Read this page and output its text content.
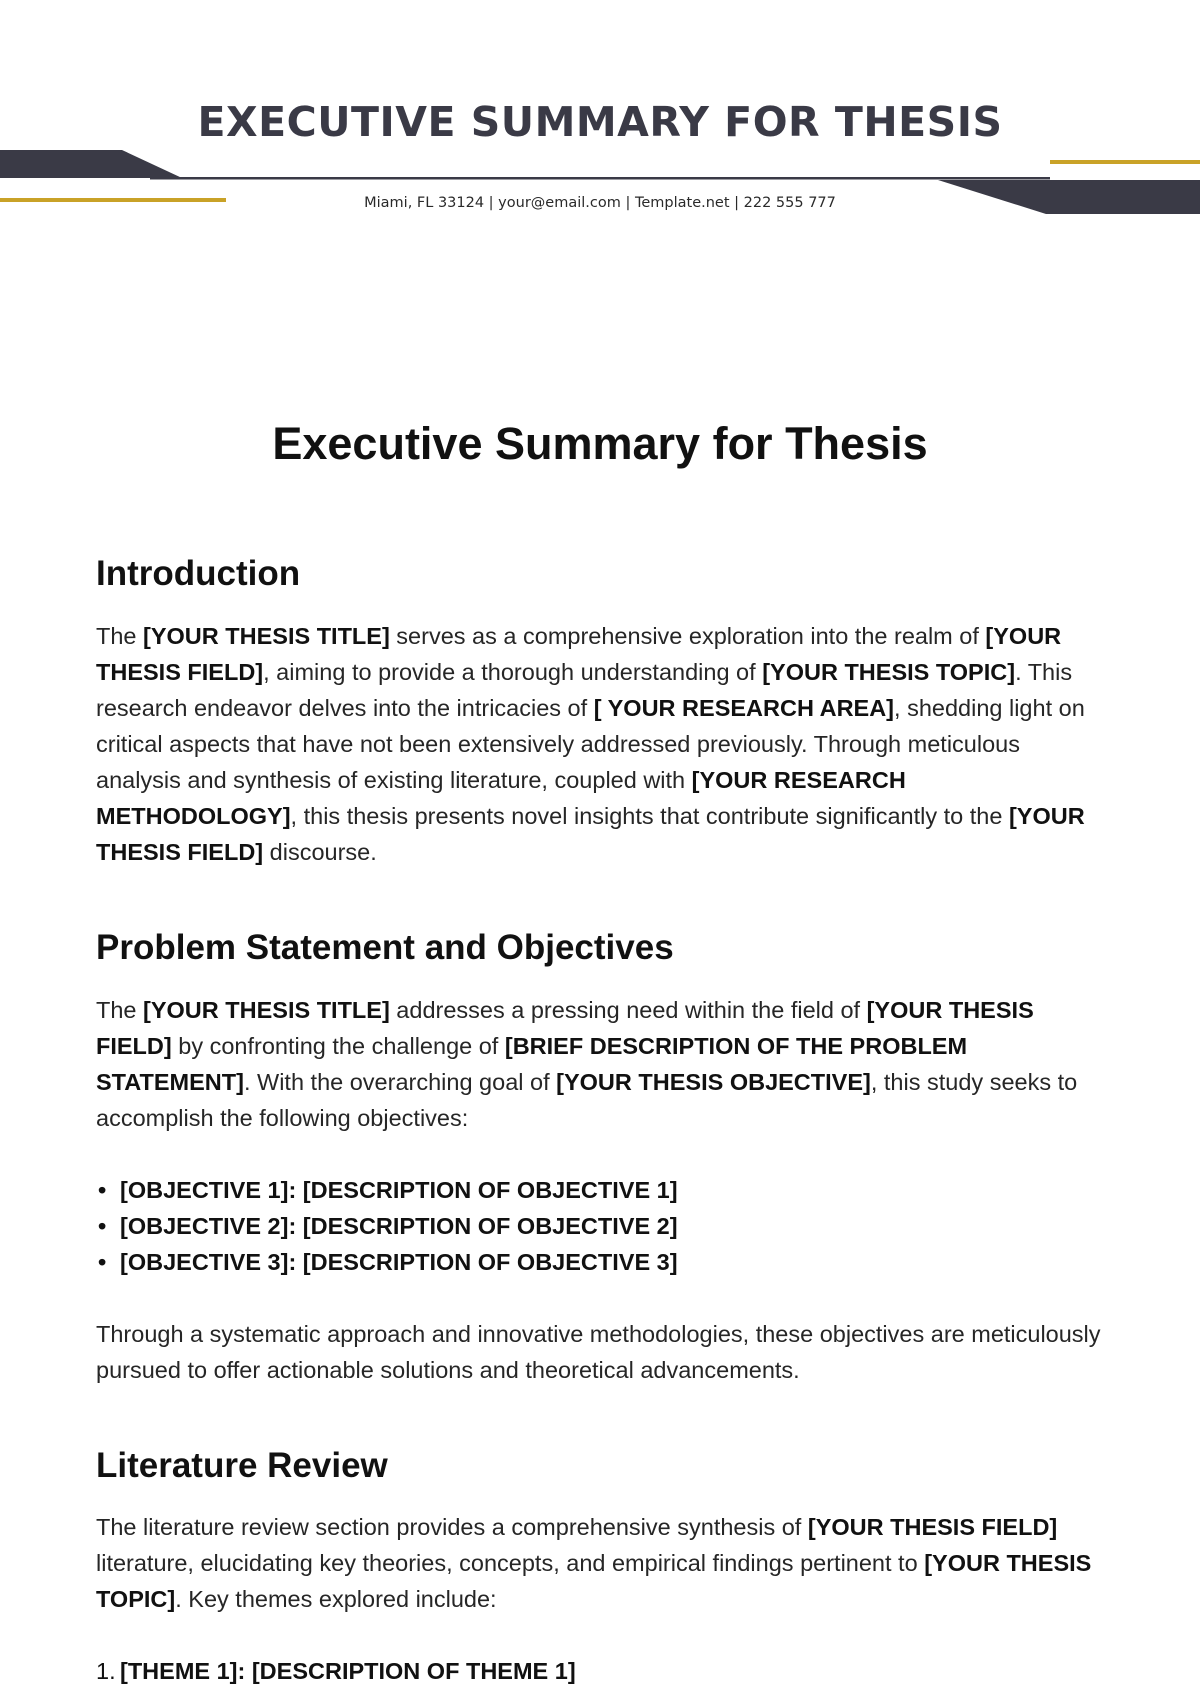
EXECUTIVE SUMMARY FOR THESIS
Miami, FL 33124 | your@email.com | Template.net | 222 555 777
Executive Summary for Thesis
Introduction

The [YOUR THESIS TITLE] serves as a comprehensive exploration into the realm of [YOUR THESIS FIELD], aiming to provide a thorough understanding of [YOUR THESIS TOPIC]. This research endeavor delves into the intricacies of [ YOUR RESEARCH AREA], shedding light on critical aspects that have not been extensively addressed previously. Through meticulous analysis and synthesis of existing literature, coupled with [YOUR RESEARCH METHODOLOGY], this thesis presents novel insights that contribute significantly to the [YOUR THESIS FIELD] discourse.

Problem Statement and Objectives

The [YOUR THESIS TITLE] addresses a pressing need within the field of [YOUR THESIS FIELD] by confronting the challenge of [BRIEF DESCRIPTION OF THE PROBLEM STATEMENT]. With the overarching goal of [YOUR THESIS OBJECTIVE], this study seeks to accomplish the following objectives:

• [OBJECTIVE 1]: [DESCRIPTION OF OBJECTIVE 1]
• [OBJECTIVE 2]: [DESCRIPTION OF OBJECTIVE 2]
• [OBJECTIVE 3]: [DESCRIPTION OF OBJECTIVE 3]

Through a systematic approach and innovative methodologies, these objectives are meticulously pursued to offer actionable solutions and theoretical advancements.

Literature Review

The literature review section provides a comprehensive synthesis of [YOUR THESIS FIELD] literature, elucidating key theories, concepts, and empirical findings pertinent to [YOUR THESIS TOPIC]. Key themes explored include:

1. [THEME 1]: [DESCRIPTION OF THEME 1]
